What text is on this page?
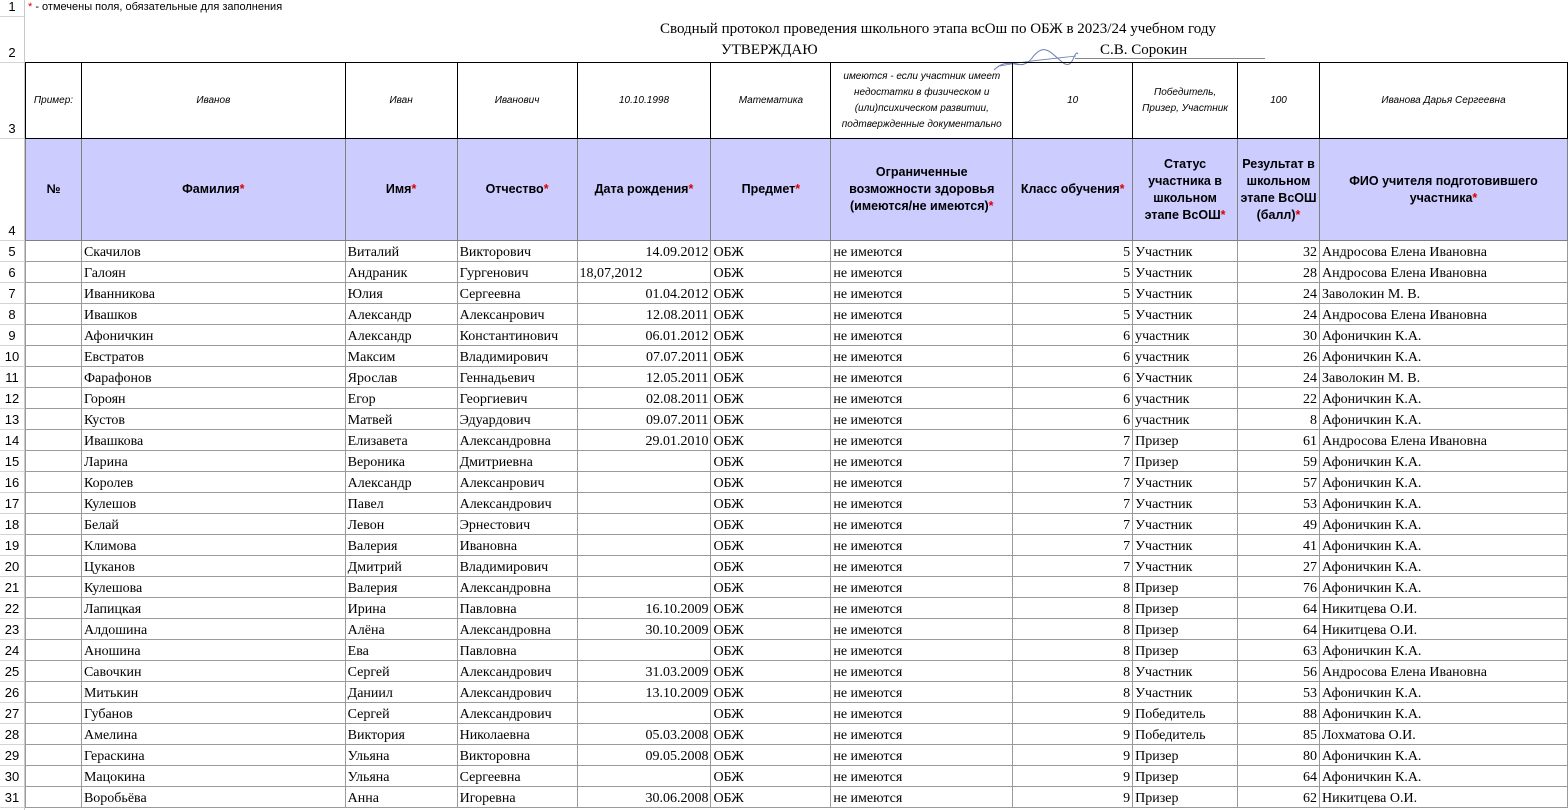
1
2
3
4
5
6
7
8
9
10
11
12
13
14
15
16
17
18
19
20
21
22
23
24
25
26
27
28
29
30
31
* - отмечены поля, обязательные для заполнения
Сводный протокол проведения школьного этапа всОш по ОБЖ в 2023/24 учебном году
УТВЕРЖДАЮ	С.В. Сорокин
Пример:	Иванов	Иван	Иванович	10.10.1998	Математика	имеются - если участник имеет недостатки в физическом и (или)психическом развитии, подтвержденные документально	10	Победитель, Призер, Участник	100	Иванова Дарья Сергеевна
№	Фамилия*	Имя*	Отчество*	Дата рождения*	Предмет*	Ограниченные возможности здоровья (имеются/не имеются)*	Класс обучения*	Статус участника в школьном этапе ВсОШ*	Результат в школьном этапе ВсОШ (балл)*	ФИО учителя подготовившего участника*
	Скачилов	Виталий	Викторович	14.09.2012	ОБЖ	не имеются	5	Участник	32	Андросова Елена Ивановна
	Галоян	Андраник	Гургенович	18,07,2012	ОБЖ	не имеются	5	Участник	28	Андросова Елена Ивановна
	Иванникова	Юлия	Сергеевна	01.04.2012	ОБЖ	не имеются	5	Участник	24	Заволокин М. В.
	Ивашков	Александр	Алексанрович	12.08.2011	ОБЖ	не имеются	5	Участник	24	Андросова Елена Ивановна
	Афоничкин	Александр	Константинович	06.01.2012	ОБЖ	не имеются	6	участник	30	Афоничкин К.А.
	Евстратов	Максим	Владимирович	07.07.2011	ОБЖ	не имеются	6	участник	26	Афоничкин К.А.
	Фарафонов	Ярослав	Геннадьевич	12.05.2011	ОБЖ	не имеются	6	Участник	24	Заволокин М. В.
	Гороян	Егор	Георгиевич	02.08.2011	ОБЖ	не имеются	6	участник	22	Афоничкин К.А.
	Кустов	Матвей	Эдуардович	09.07.2011	ОБЖ	не имеются	6	участник	8	Афоничкин К.А.
	Ивашкова	Елизавета	Александровна	29.01.2010	ОБЖ	не имеются	7	Призер	61	Андросова Елена Ивановна
	Ларина	Вероника	Дмитриевна		ОБЖ	не имеются	7	Призер	59	Афоничкин К.А.
	Королев	Александр	Алексанрович		ОБЖ	не имеются	7	Участник	57	Афоничкин К.А.
	Кулешов	Павел	Александрович		ОБЖ	не имеются	7	Участник	53	Афоничкин К.А.
	Белай	Левон	Эрнестович		ОБЖ	не имеются	7	Участник	49	Афоничкин К.А.
	Климова	Валерия	Ивановна		ОБЖ	не имеются	7	Участник	41	Афоничкин К.А.
	Цуканов	Дмитрий	Владимирович		ОБЖ	не имеются	7	Участник	27	Афоничкин К.А.
	Кулешова	Валерия	Александровна		ОБЖ	не имеются	8	Призер	76	Афоничкин К.А.
	Лапицкая	Ирина	Павловна	16.10.2009	ОБЖ	не имеются	8	Призер	64	Никитцева О.И.
	Алдошина	Алёна	Александровна	30.10.2009	ОБЖ	не имеются	8	Призер	64	Никитцева О.И.
	Аношина	Ева	Павловна		ОБЖ	не имеются	8	Призер	63	Афоничкин К.А.
	Савочкин	Сергей	Александрович	31.03.2009	ОБЖ	не имеются	8	Участник	56	Андросова Елена Ивановна
	Митькин	Даниил	Александрович	13.10.2009	ОБЖ	не имеются	8	Участник	53	Афоничкин К.А.
	Губанов	Сергей	Александрович		ОБЖ	не имеются	9	Победитель	88	Афоничкин К.А.
	Амелина	Виктория	Николаевна	05.03.2008	ОБЖ	не имеются	9	Победитель	85	Лохматова О.И.
	Гераскина	Ульяна	Викторовна	09.05.2008	ОБЖ	не имеются	9	Призер	80	Афоничкин К.А.
	Мацокина	Ульяна	Сергеевна		ОБЖ	не имеются	9	Призер	64	Афоничкин К.А.
	Воробьёва	Анна	Игоревна	30.06.2008	ОБЖ	не имеются	9	Призер	62	Никитцева О.И.
